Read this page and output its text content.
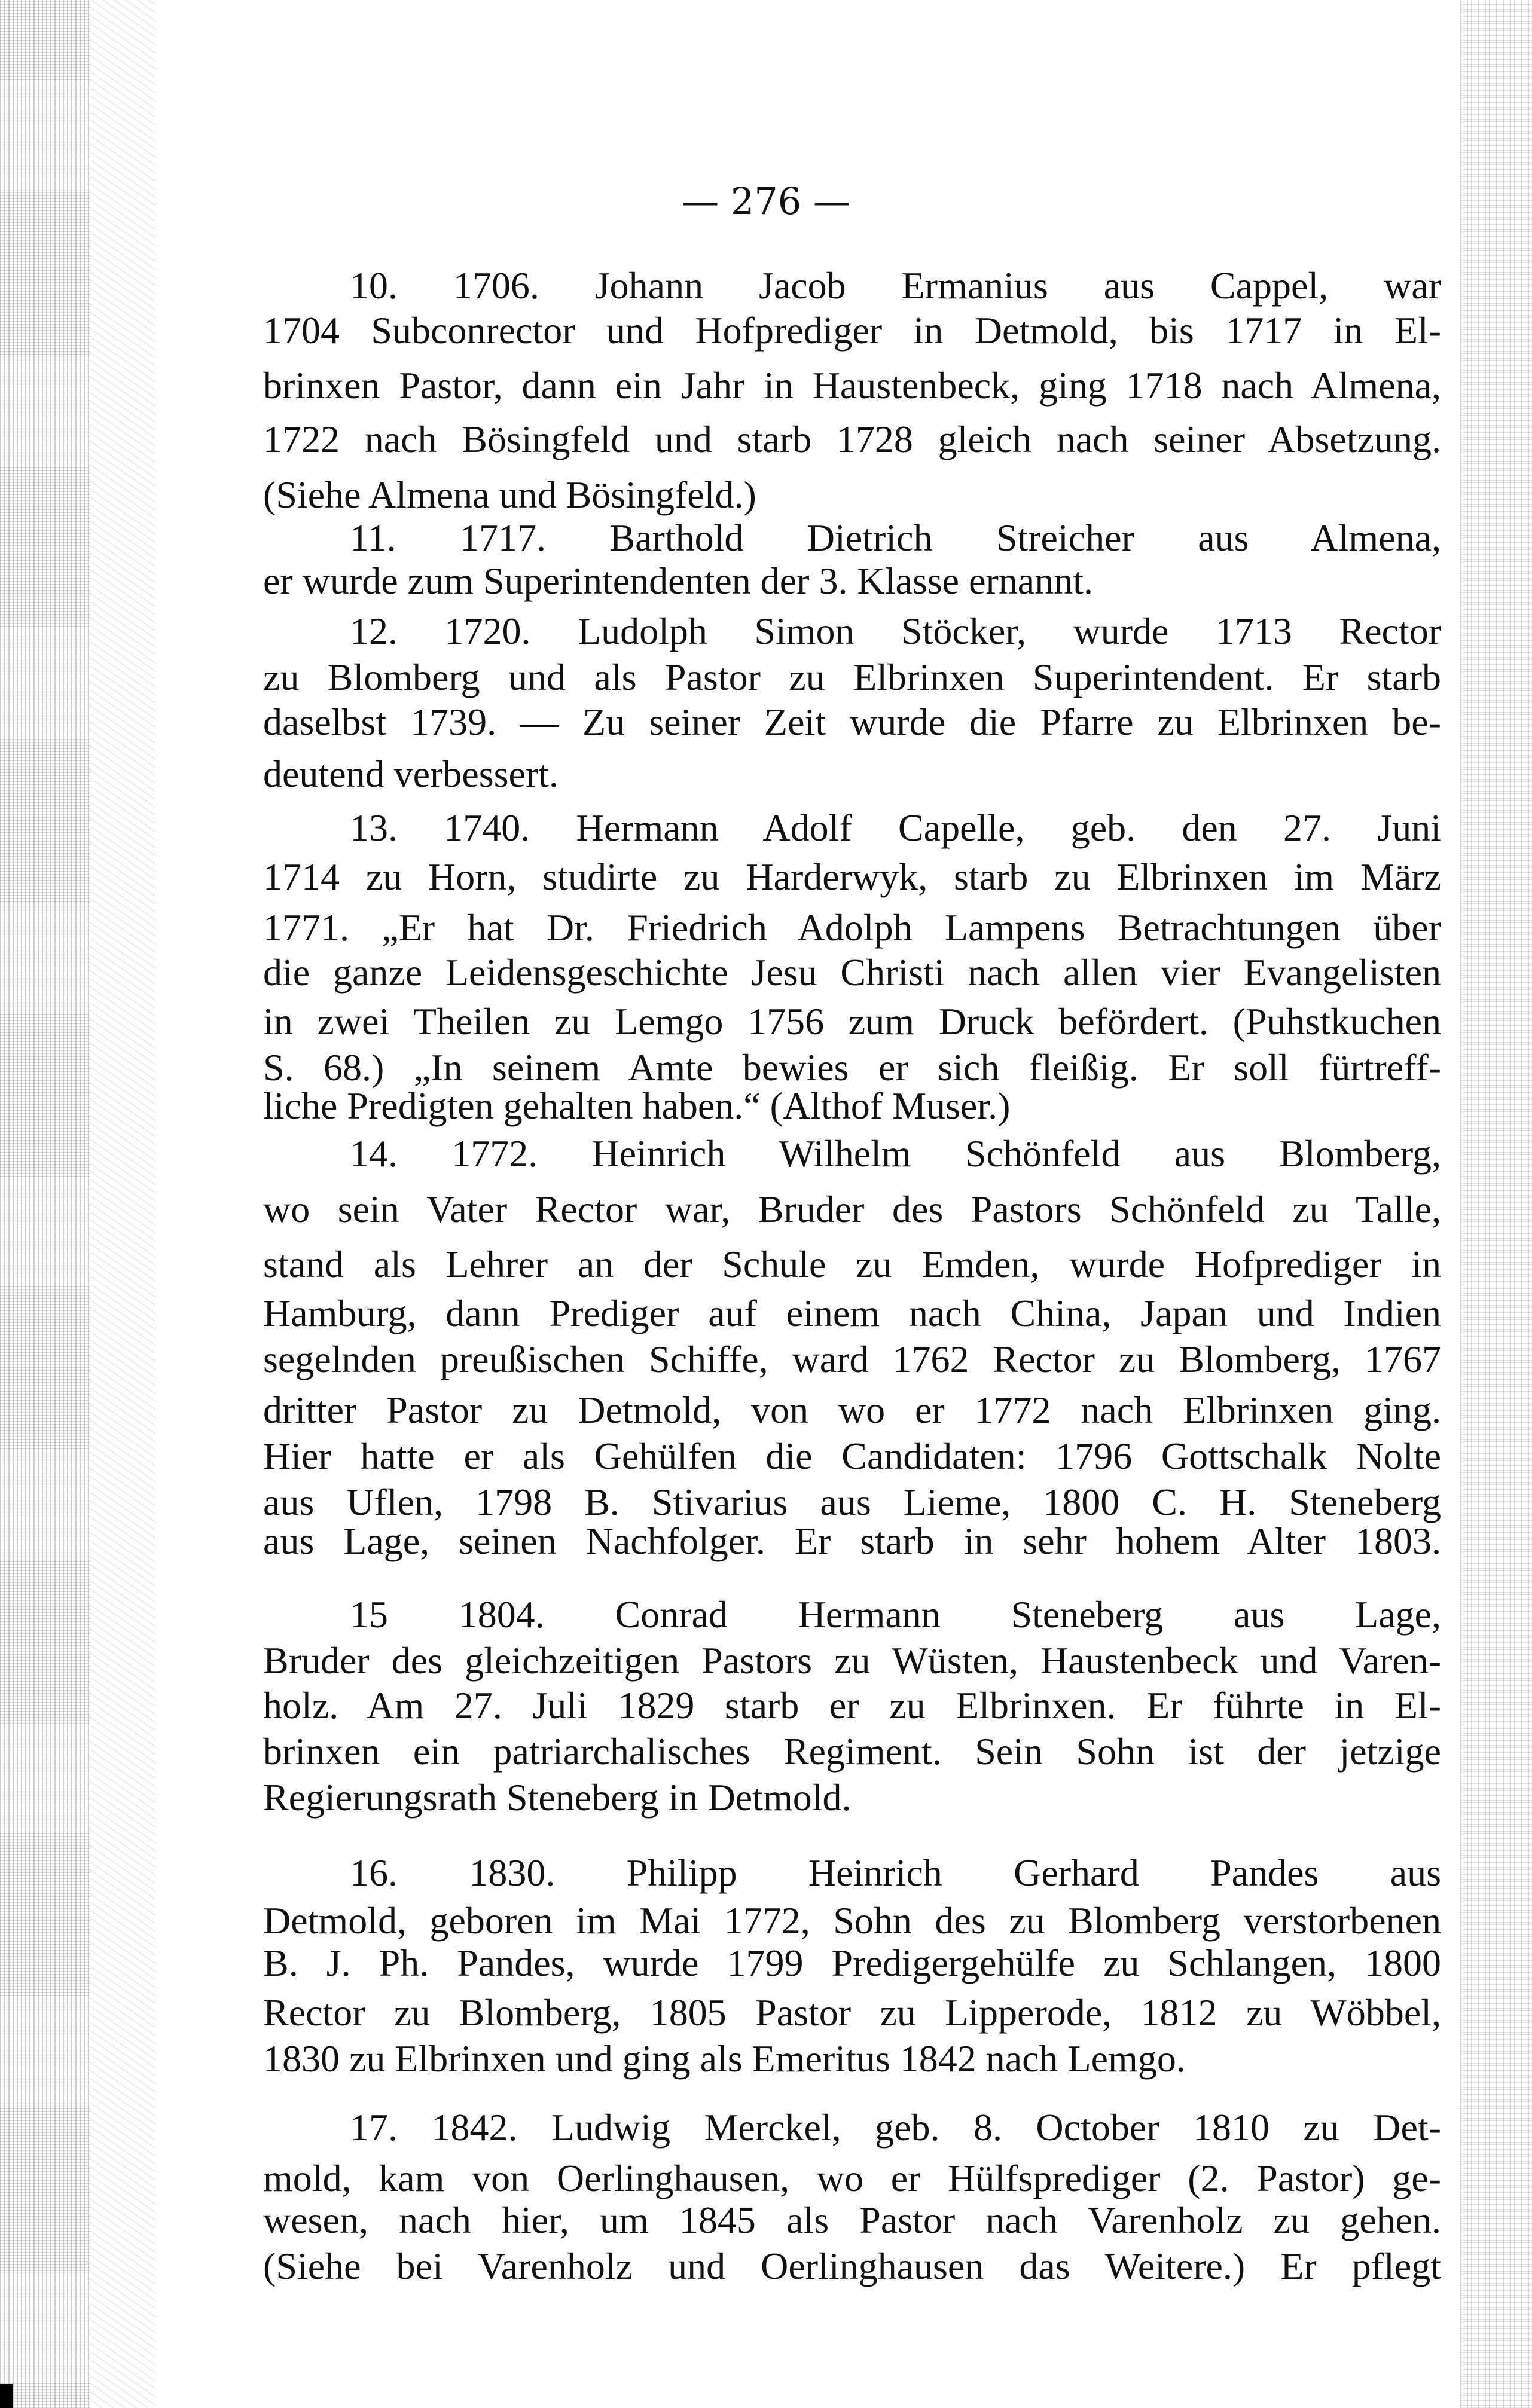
— 276 —
10. 1706. Johann Jacob Ermanius aus Cappel, war
1704 Subconrector und Hofprediger in Detmold, bis 1717 in El-
brinxen Pastor, dann ein Jahr in Haustenbeck, ging 1718 nach Almena,
1722 nach Bösingfeld und starb 1728 gleich nach seiner Absetzung.
(Siehe Almena und Bösingfeld.)
11. 1717. Barthold Dietrich Streicher aus Almena,
er wurde zum Superintendenten der 3. Klasse ernannt.
12. 1720. Ludolph Simon Stöcker, wurde 1713 Rector
zu Blomberg und als Pastor zu Elbrinxen Superintendent. Er starb
daselbst 1739. — Zu seiner Zeit wurde die Pfarre zu Elbrinxen be-
deutend verbessert.
13. 1740. Hermann Adolf Capelle, geb. den 27. Juni
1714 zu Horn, studirte zu Harderwyk, starb zu Elbrinxen im März
1771. „Er hat Dr. Friedrich Adolph Lampens Betrachtungen über
die ganze Leidensgeschichte Jesu Christi nach allen vier Evangelisten
in zwei Theilen zu Lemgo 1756 zum Druck befördert. (Puhstkuchen
S. 68.) „In seinem Amte bewies er sich fleißig. Er soll fürtreff-
liche Predigten gehalten haben.“ (Althof Muser.)
14. 1772. Heinrich Wilhelm Schönfeld aus Blomberg,
wo sein Vater Rector war, Bruder des Pastors Schönfeld zu Talle,
stand als Lehrer an der Schule zu Emden, wurde Hofprediger in
Hamburg, dann Prediger auf einem nach China, Japan und Indien
segelnden preußischen Schiffe, ward 1762 Rector zu Blomberg, 1767
dritter Pastor zu Detmold, von wo er 1772 nach Elbrinxen ging.
Hier hatte er als Gehülfen die Candidaten: 1796 Gottschalk Nolte
aus Uflen, 1798 B. Stivarius aus Lieme, 1800 C. H. Steneberg
aus Lage, seinen Nachfolger. Er starb in sehr hohem Alter 1803.
15 1804. Conrad Hermann Steneberg aus Lage,
Bruder des gleichzeitigen Pastors zu Wüsten, Haustenbeck und Varen-
holz. Am 27. Juli 1829 starb er zu Elbrinxen. Er führte in El-
brinxen ein patriarchalisches Regiment. Sein Sohn ist der jetzige
Regierungsrath Steneberg in Detmold.
16. 1830. Philipp Heinrich Gerhard Pandes aus
Detmold, geboren im Mai 1772, Sohn des zu Blomberg verstorbenen
B. J. Ph. Pandes, wurde 1799 Predigergehülfe zu Schlangen, 1800
Rector zu Blomberg, 1805 Pastor zu Lipperode, 1812 zu Wöbbel,
1830 zu Elbrinxen und ging als Emeritus 1842 nach Lemgo.
17. 1842. Ludwig Merckel, geb. 8. October 1810 zu Det-
mold, kam von Oerlinghausen, wo er Hülfsprediger (2. Pastor) ge-
wesen, nach hier, um 1845 als Pastor nach Varenholz zu gehen.
(Siehe bei Varenholz und Oerlinghausen das Weitere.) Er pflegt
